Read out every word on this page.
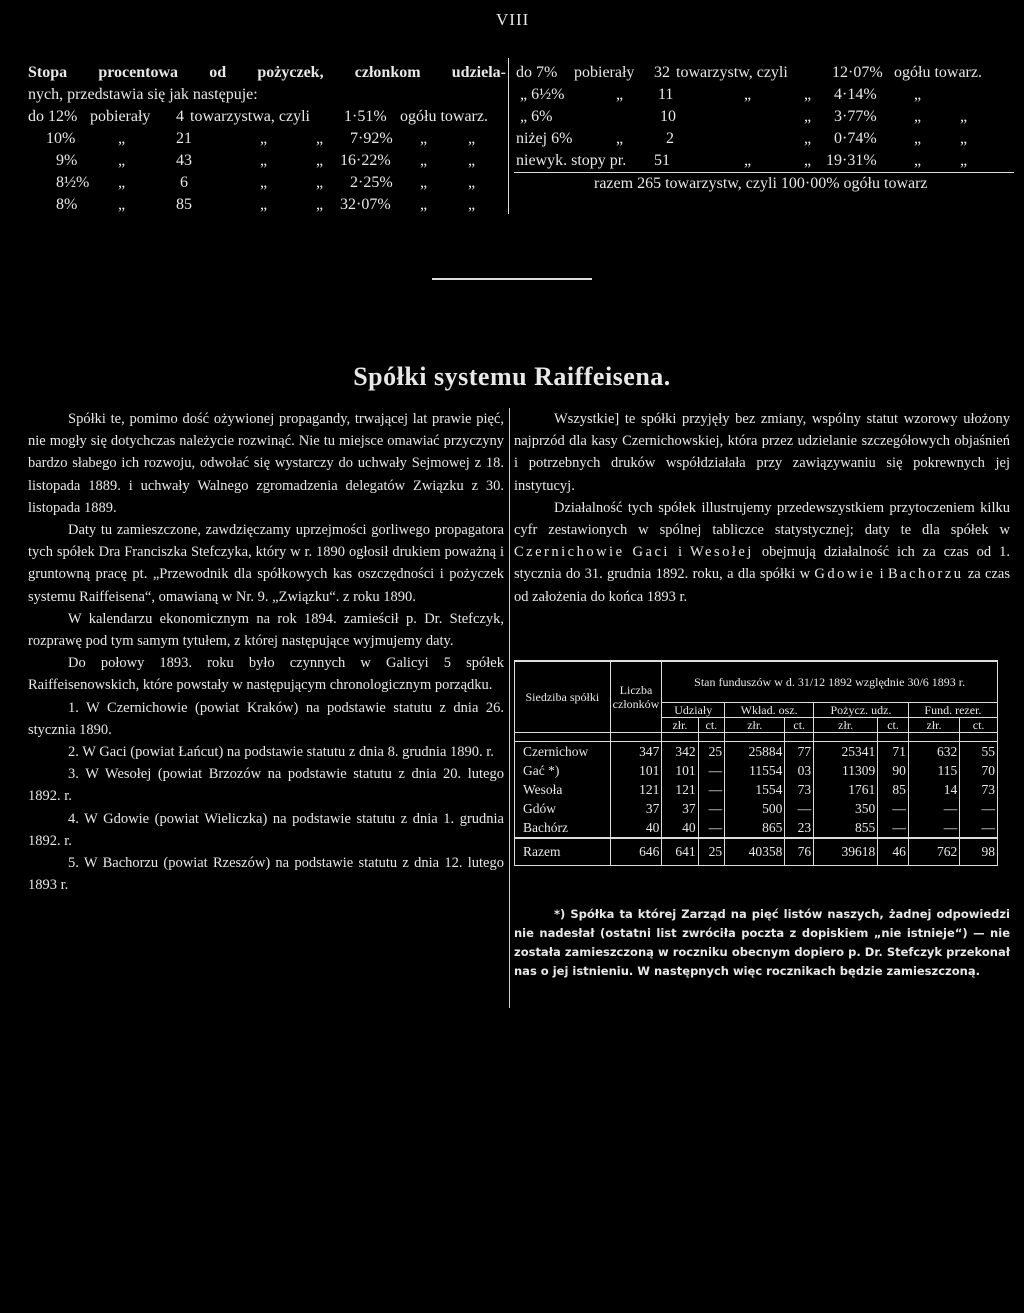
VIII
Stopa procentowa od pożyczek, członkom udziela-
nych, przedstawia się jak następuje:
do 12% pobierały 4 towarzystwa, czyli 1·51% ogółu towarz.
10%	„	21	„	„ 7·92% „	„
9%	„	43	„	„ 16·22% „	„
8½% „	6	„	„ 2·25% „	„
8%	„	85	„	„ 32·07% „	„
do 7% pobierały 32 towarzystw, czyli	12·07% ogółu towarz.
„ 6½%	„ 11	„	„ 4·14% „
„ 6%	10	„ 3·77% „ „
niżej 6%	„	2	„ 0·74% „ „
niewyk. stopy pr. 51	„	„ 19·31% „ „
razem 265 towarzystw, czyli 100·00% ogółu towarz
Spółki systemu Raiffeisena.

Spółki te, pomimo dość ożywionej propagandy, trwającej lat prawie pięć, nie mogły się dotychczas należycie rozwinąć. Nie tu miejsce omawiać przyczyny bardzo słabego ich rozwoju, odwołać się wystarczy do uchwały Sejmowej z 18. listopada 1889. i uchwały Walnego zgromadzenia delegatów Związku z 30. listopada 1889.

Daty tu zamieszczone, zawdzięczamy uprzejmości gorliwego propagatora tych spółek Dra Franciszka Stefczyka, który w r. 1890 ogłosił drukiem poważną i gruntowną pracę pt. „Przewodnik dla spółkowych kas oszczędności i pożyczek systemu Raiffeisena“, omawianą w Nr. 9. „Związku“. z roku 1890.

W kalendarzu ekonomicznym na rok 1894. zamieścił p. Dr. Stefczyk, rozprawę pod tym samym tytułem, z której następujące wyjmujemy daty.

Do połowy 1893. roku było czynnych w Galicyi 5 spółek Raiffeisenowskich, które powstały w następującym chronologicznym porządku.

1. W Czernichowie (powiat Kraków) na podstawie statutu z dnia 26. stycznia 1890.

2. W Gaci (powiat Łańcut) na podstawie statutu z dnia 8. grudnia 1890. r.

3. W Wesołej (powiat Brzozów na podstawie statutu z dnia 20. lutego 1892. r.

4. W Gdowie (powiat Wieliczka) na podstawie statutu z dnia 1. grudnia 1892. r.

5. W Bachorzu (powiat Rzeszów) na podstawie statutu z dnia 12. lutego 1893 r.

Wszystkie] te spółki przyjęły bez zmiany, wspólny statut wzorowy ułożony najprzód dla kasy Czernichowskiej, która przez udzielanie szczegółowych objaśnień i potrzebnych druków współdziałała przy zawiązywaniu się pokrewnych jej instytucyj.

Działalność tych spółek illustrujemy przedewszystkiem przytoczeniem kilku cyfr zestawionych w spólnej tabliczce statystycznej; daty te dla spółek w Czernichowie Gaci i Wesołej obejmują działalność ich za czas od 1. stycznia do 31. grudnia 1892. roku, a dla spółki w Gdowie i Bachorzu za czas od założenia do końca 1893 r.

Siedziba spółki	Liczba członków	Stan funduszów w d. 31/12 1892 względnie 30/6 1893 r.							
		Udziały		Wkład. osz.		Pożycz. udz.		Fund. rezer.	
		złr.	ct.	złr.	ct.	złr.	ct.	złr.	ct.

Czernichow	347	342	25	25884	77	25341	71	632	55
Gać *)	101	101	—	11554	03	11309	90	115	70
Wesoła	121	121	—	1554	73	1761	85	14	73
Gdów	37	37	—	500	—	350	—	—	—
Bachórz	40	40	—	865	23	855	—	—	—
Razem	646	641	25	40358	76	39618	46	762	98

*) Spółka ta której Zarząd na pięć listów naszych, żadnej odpowiedzi nie nadesłał (ostatni list zwróciła poczta z dopiskiem „nie istnieje“) — nie została zamieszczoną w roczniku obecnym dopiero p. Dr. Stefczyk przekonał nas o jej istnieniu. W następnych więc rocznikach będzie zamieszczoną.
